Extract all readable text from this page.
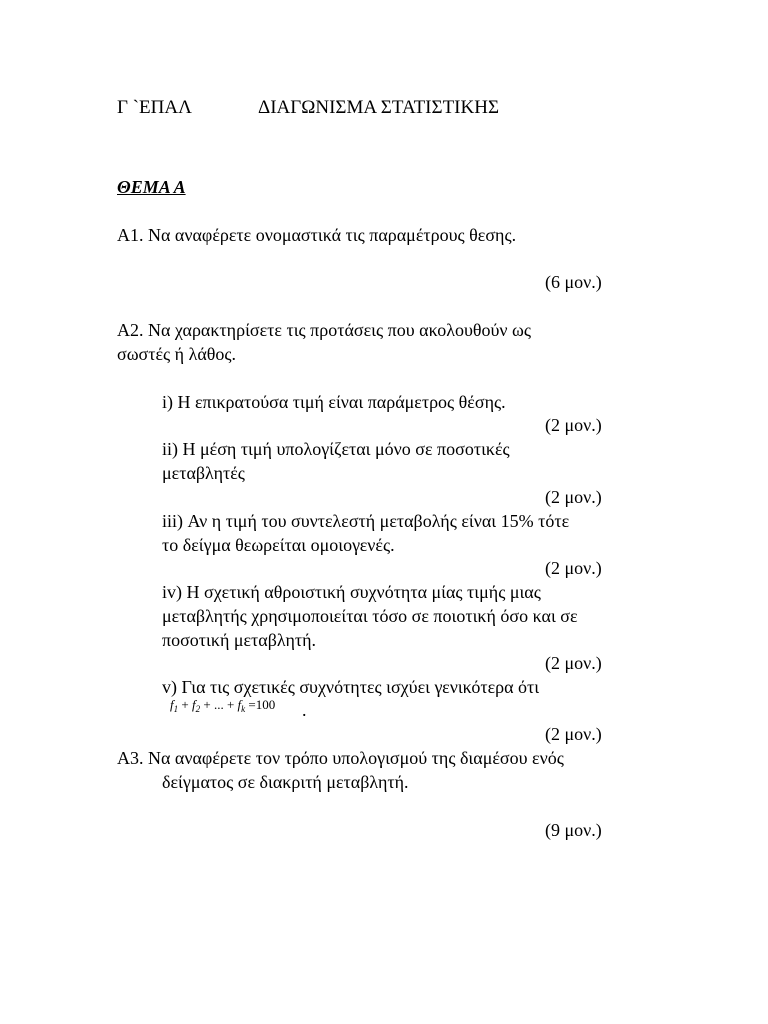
Γ `ΕΠΑΛ	ΔΙΑΓΩΝΙΣΜΑ ΣΤΑΤΙΣΤΙΚΗΣ

ΘΕΜΑ Α

Α1. Να αναφέρετε ονομαστικά τις παραμέτρους θεσης.

(6 μον.)

Α2. Να χαρακτηρίσετε τις προτάσεις που ακολουθούν ως

σωστές ή λάθος.

i) Η επικρατούσα τιμή είναι παράμετρος θέσης.

(2 μον.)

ii) Η μέση τιμή υπολογίζεται μόνο σε ποσοτικές

μεταβλητές

(2 μον.)

iii) Αν η τιμή του συντελεστή μεταβολής είναι 15% τότε

το δείγμα θεωρείται ομοιογενές.

(2 μον.)

iv) Η σχετική αθροιστική συχνότητα μίας τιμής μιας

μεταβλητής χρησιμοποιείται τόσο σε ποιοτική όσο και σε

ποσοτική μεταβλητή.

(2 μον.)

v) Για τις σχετικές συχνότητες ισχύει γενικότερα ότι

$f_1 + f_2$ + ... + $f_k =100$ .

(2 μον.)

Α3. Να αναφέρετε τον τρόπο υπολογισμού της διαμέσου ενός

δείγματος σε διακριτή μεταβλητή.

(9 μον.)
